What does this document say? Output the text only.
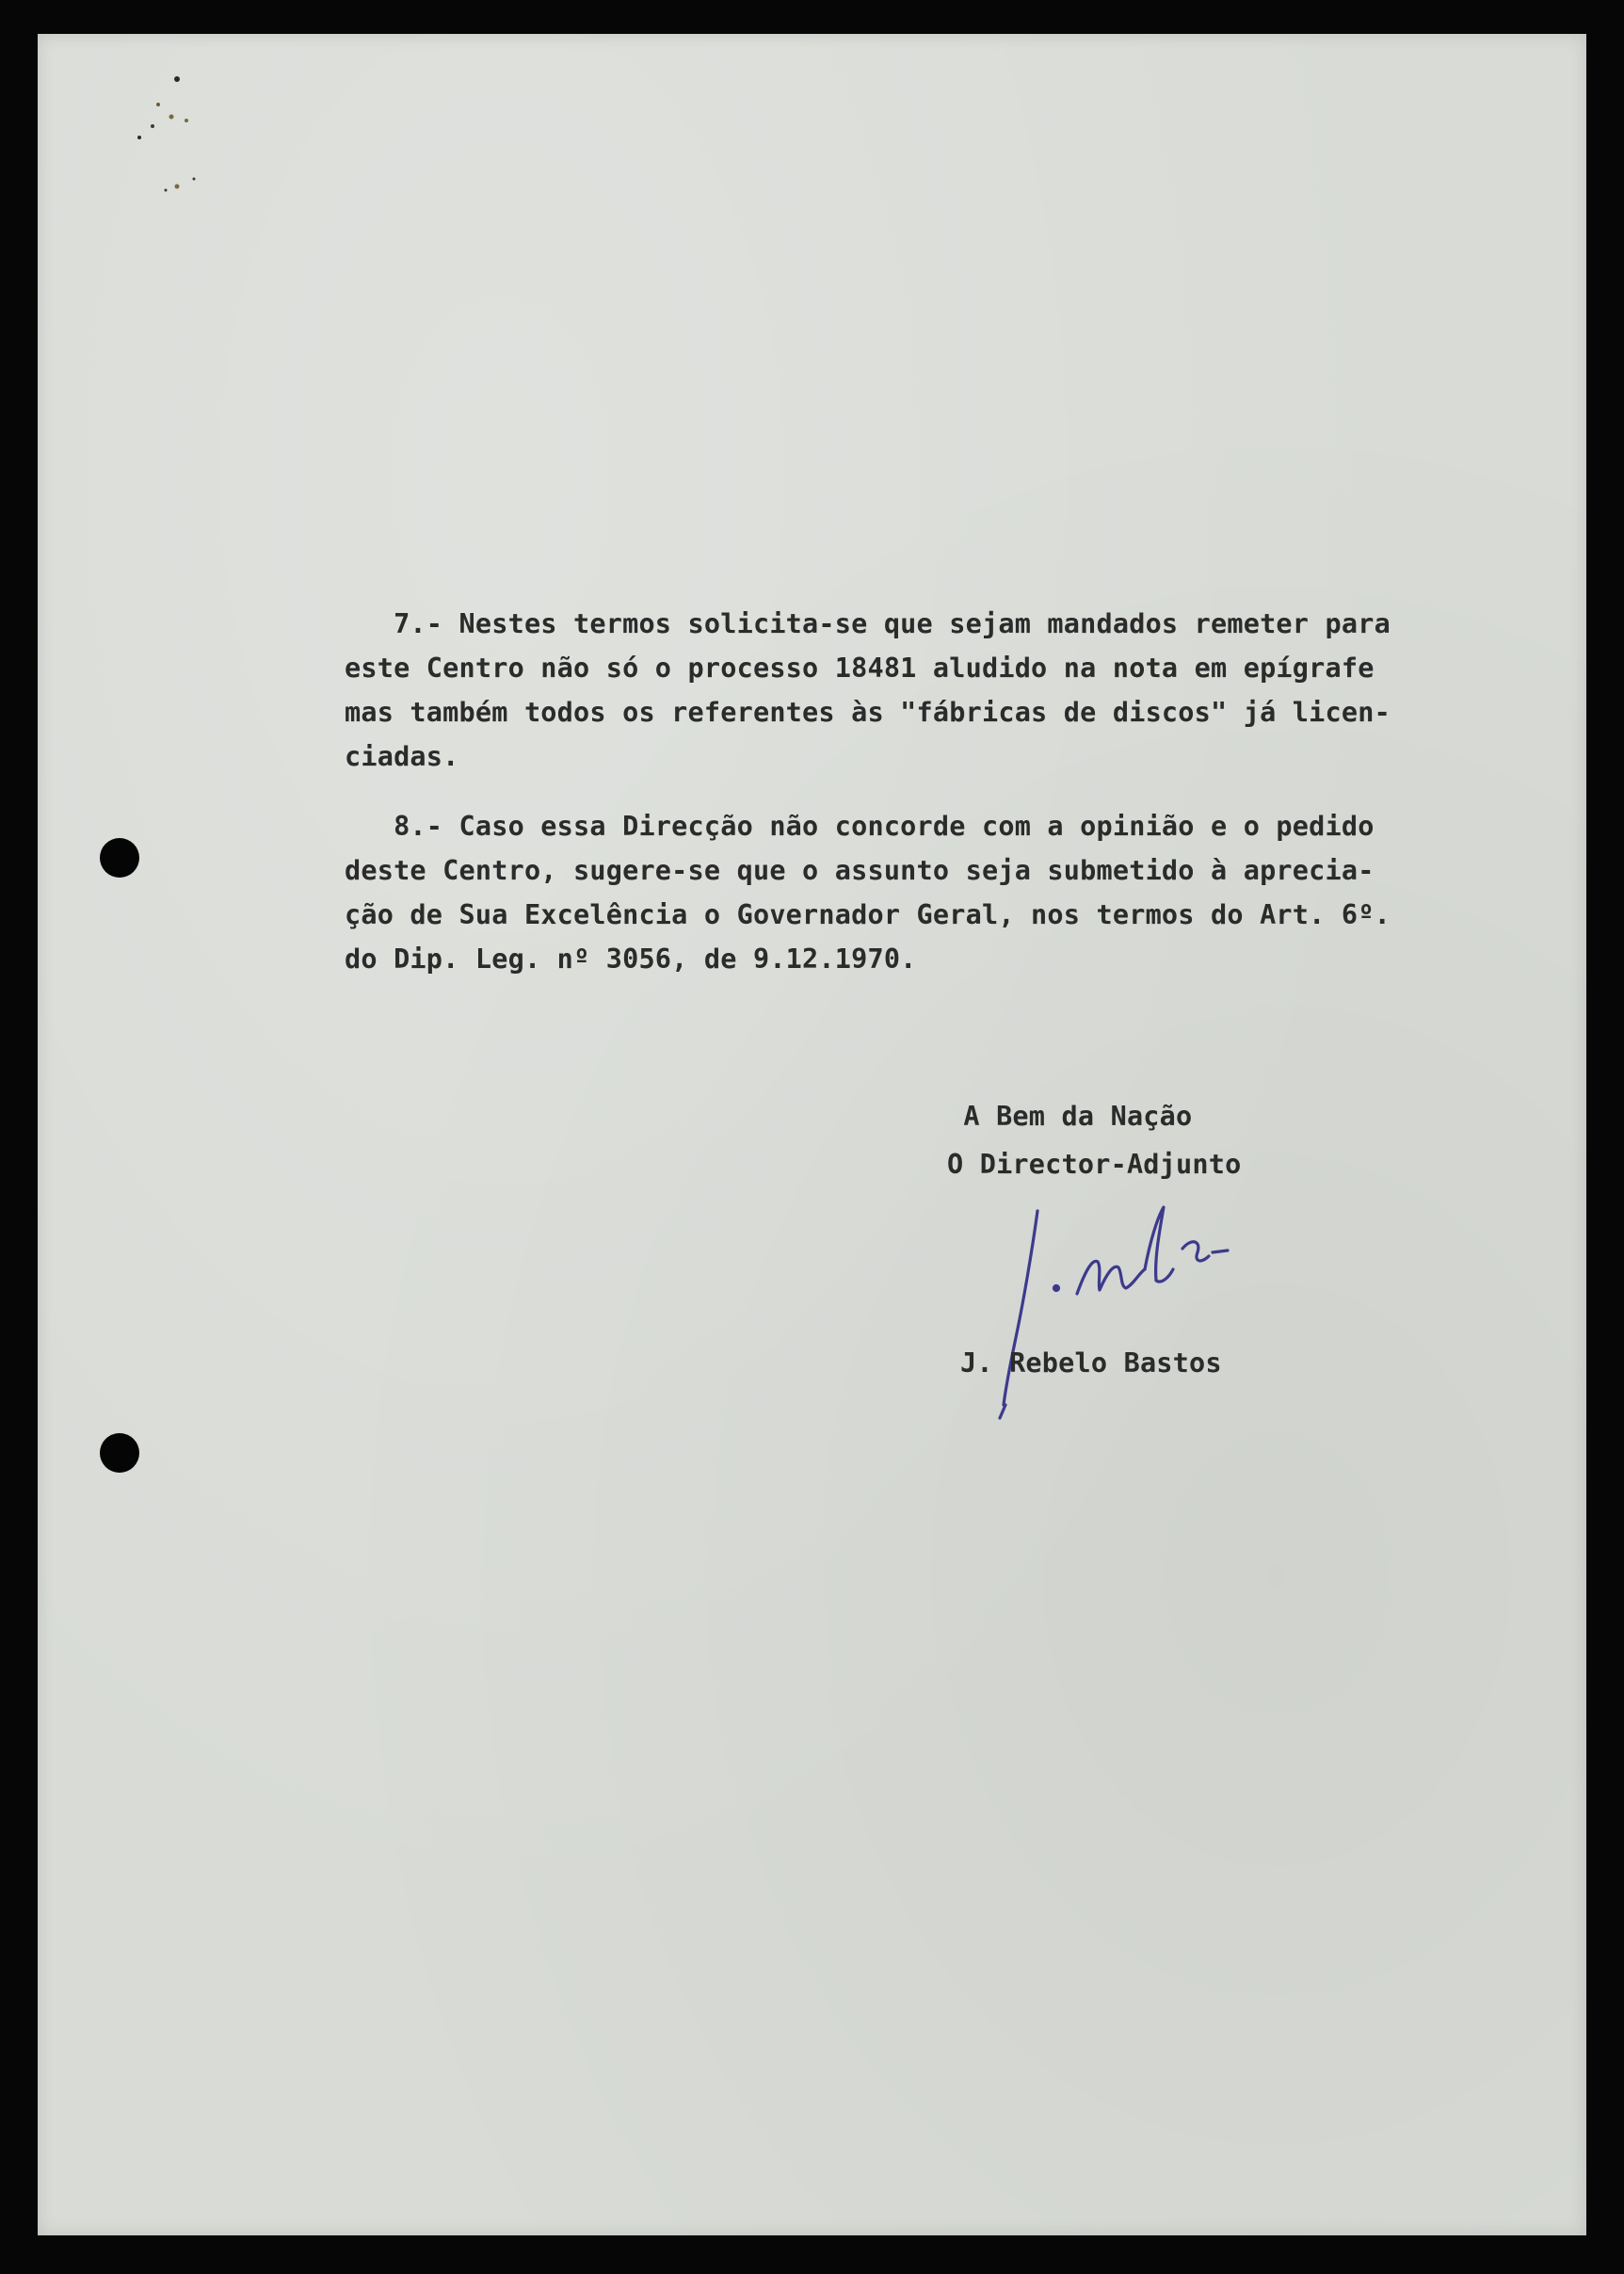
7.- Nestes termos solicita-se que sejam mandados remeter para
este Centro não só o processo 18481 aludido na nota em epígrafe
mas também todos os referentes às "fábricas de discos" já licen-
ciadas.
8.- Caso essa Direcção não concorde com a opinião e o pedido
deste Centro, sugere-se que o assunto seja submetido à aprecia-
ção de Sua Excelência o Governador Geral, nos termos do Art. 6º.
do Dip. Leg. nº 3056, de 9.12.1970.
A Bem da Nação
O Director-Adjunto
J. Rebelo Bastos
